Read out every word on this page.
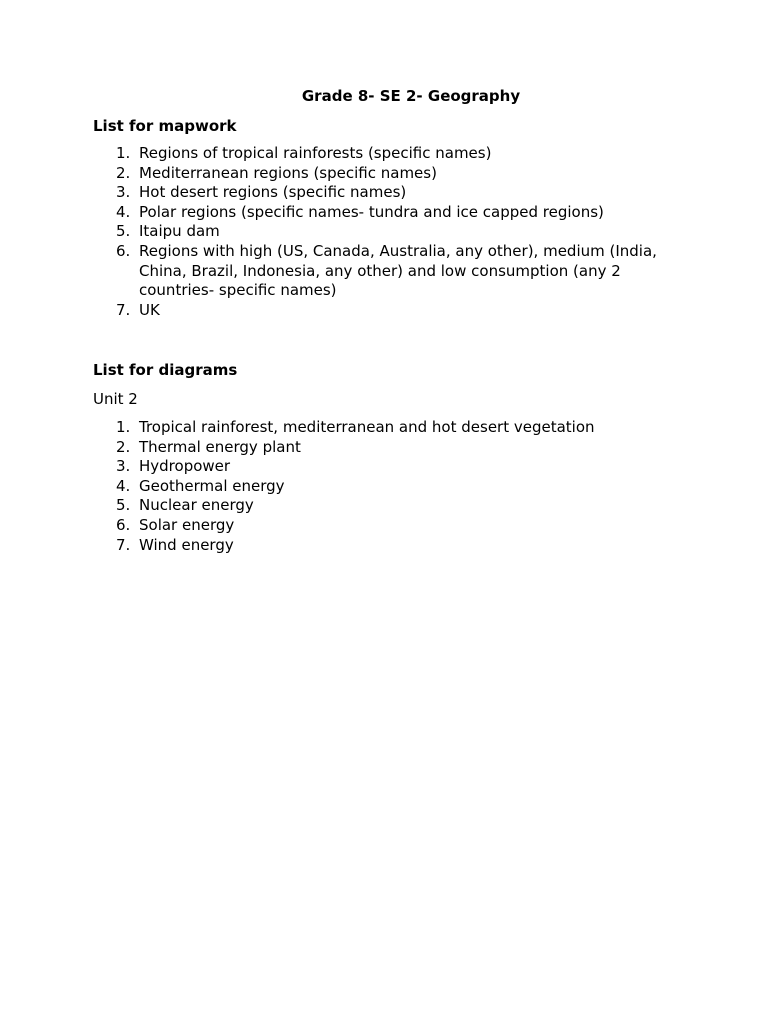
Grade 8- SE 2- Geography
List for mapwork
1. Regions of tropical rainforests (specific names)
2. Mediterranean regions (specific names)
3. Hot desert regions (specific names)
4. Polar regions (specific names- tundra and ice capped regions)
5. Itaipu dam
6. Regions with high (US, Canada, Australia, any other), medium (India, China, Brazil, Indonesia, any other) and low consumption (any 2 countries- specific names)
7. UK
List for diagrams

Unit 2

1. Tropical rainforest, mediterranean and hot desert vegetation
2. Thermal energy plant
3. Hydropower
4. Geothermal energy
5. Nuclear energy
6. Solar energy
7. Wind energy
